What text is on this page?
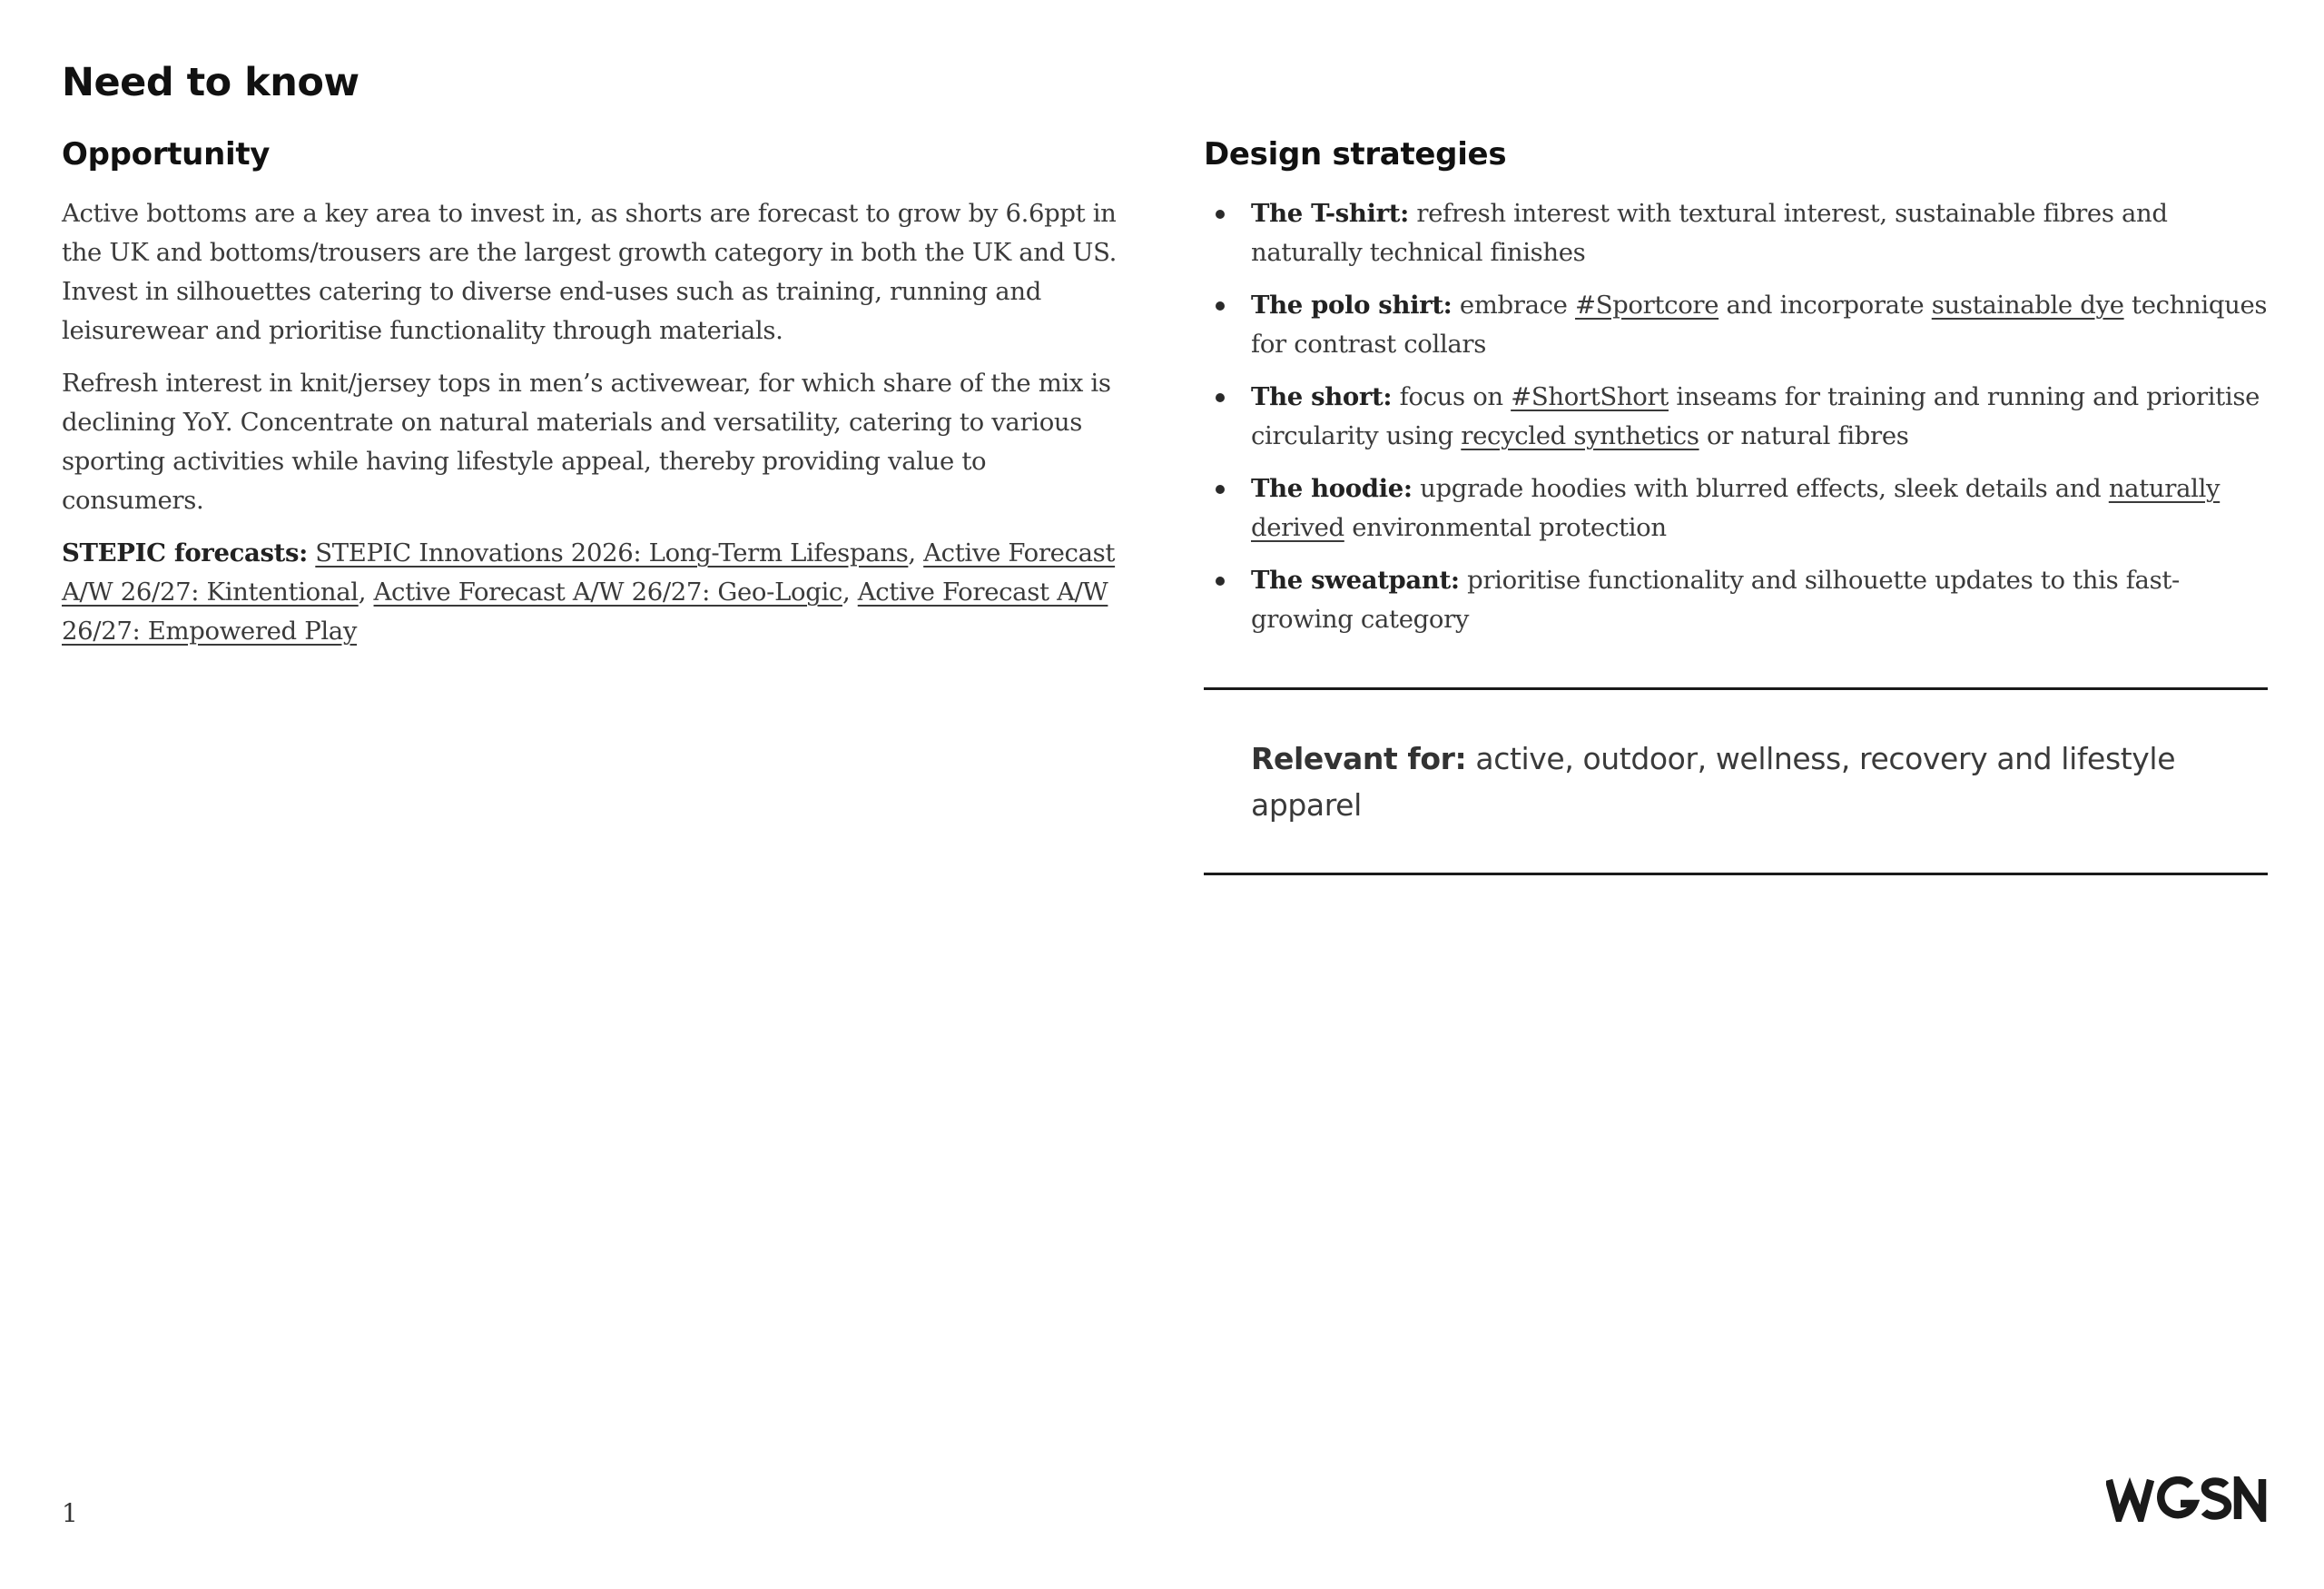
Need to know
Opportunity

Active bottoms are a key area to invest in, as shorts are forecast to grow by 6.6ppt in the UK and bottoms/trousers are the largest growth category in both the UK and US. Invest in silhouettes catering to diverse end-uses such as training, running and leisurewear and prioritise functionality through materials.

Refresh interest in knit/jersey tops in men’s activewear, for which share of the mix is declining YoY. Concentrate on natural materials and versatility, catering to various sporting activities while having lifestyle appeal, thereby providing value to consumers.

STEPIC forecasts: STEPIC Innovations 2026: Long-Term Lifespans, Active Forecast A/W 26/27: Kintentional, Active Forecast A/W 26/27: Geo-Logic, Active Forecast A/W 26/27: Empowered Play

Design strategies
The T-shirt: refresh interest with textural interest, sustainable fibres and naturally technical finishes
The polo shirt: embrace #Sportcore and incorporate sustainable dye techniques for contrast collars
The short: focus on #ShortShort inseams for training and running and prioritise circularity using recycled synthetics or natural fibres
The hoodie: upgrade hoodies with blurred effects, sleek details and naturally derived environmental protection
The sweatpant: prioritise functionality and silhouette updates to this fast-growing category

Relevant for: active, outdoor, wellness, recovery and lifestyle apparel

1
